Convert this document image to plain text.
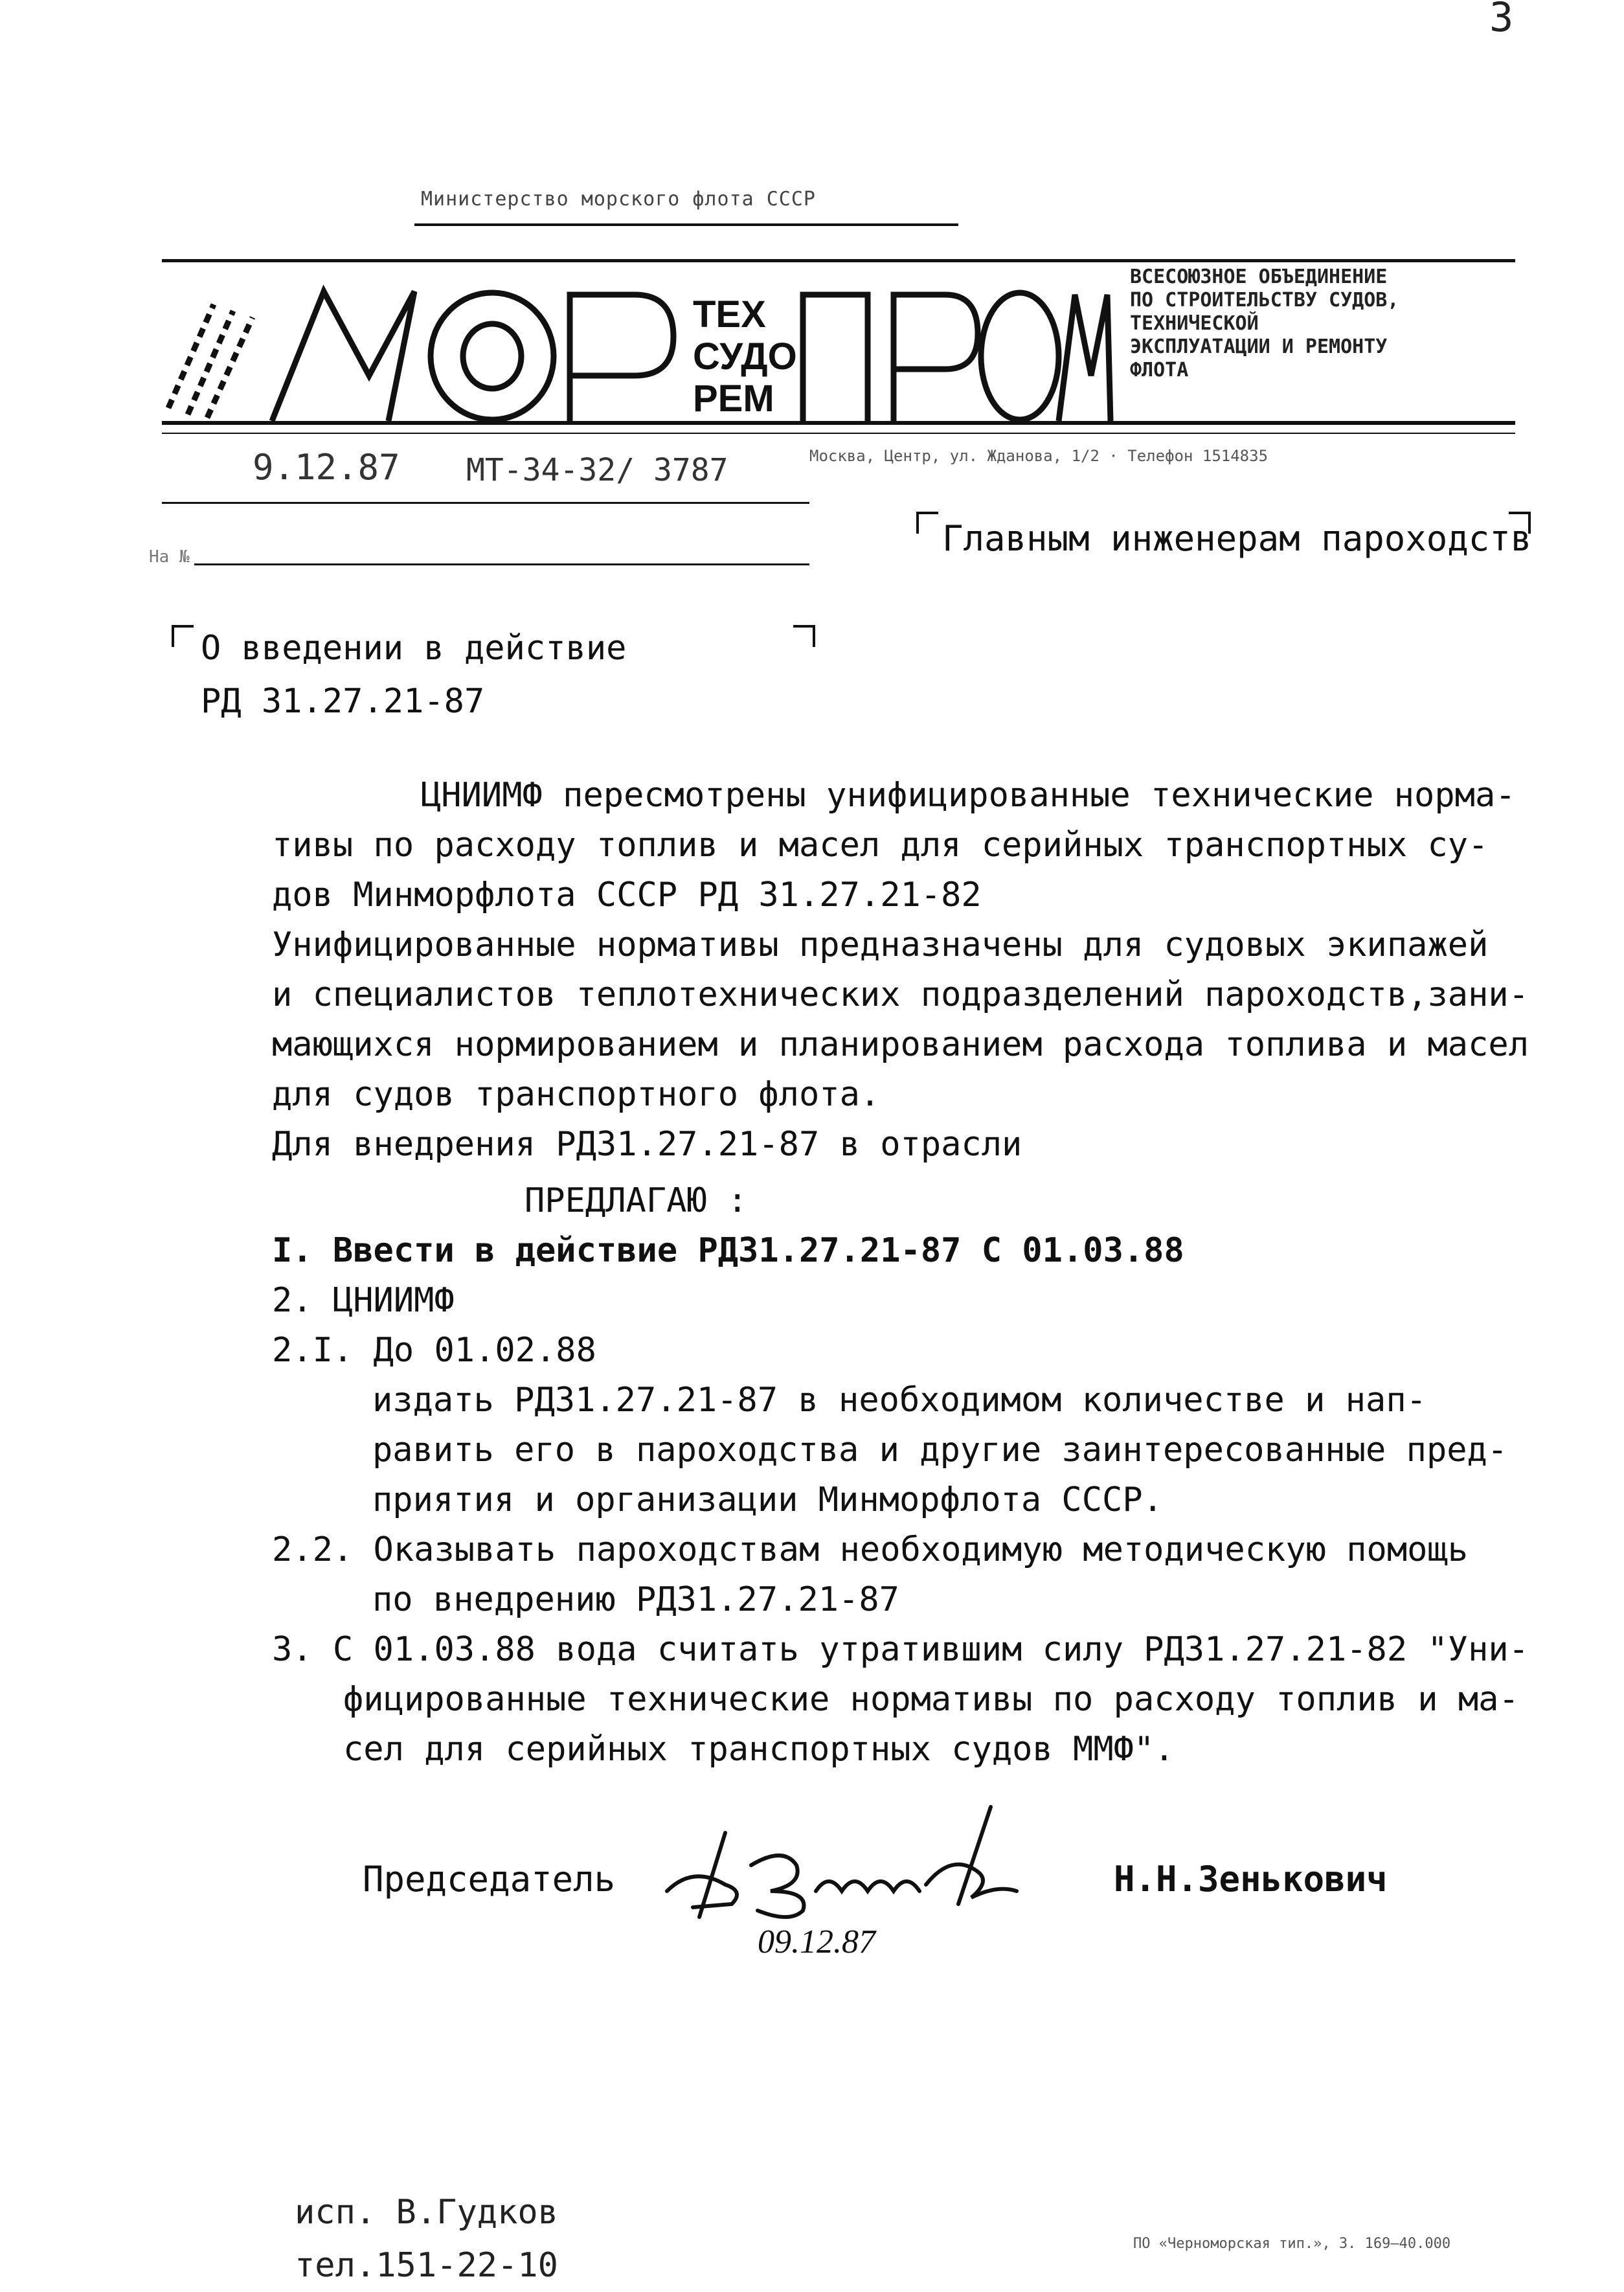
3
Министерство морского флота СССР
ТЕХ
СУДО
РЕМ
ВСЕСОЮЗНОЕ ОБЪЕДИНЕНИЕ
ПО СТРОИТЕЛЬСТВУ СУДОВ,
ТЕХНИЧЕСКОЙ
ЭКСПЛУАТАЦИИ И РЕМОНТУ
ФЛОТА
Москва, Центр, ул. Жданова, 1/2 · Телефон 1514835
9.12.87 МТ-34-32/ 3787
На №	Главным инженерам пароходств
О введении в действие
РД 31.27.21-87
ЦНИИМФ пересмотрены унифицированные технические норма-
тивы по расходу топлив и масел для серийных транспортных су-
дов Минморфлота СССР РД 31.27.21-82
Унифицированные нормативы предназначены для судовых экипажей
и специалистов теплотехнических подразделений пароходств,зани-
мающихся нормированием и планированием расхода топлива и масел
для судов транспортного флота.
Для внедрения РД31.27.21-87 в отрасли
ПРЕДЛАГАЮ :
I. Ввести в действие РД31.27.21-87 С 01.03.88
2. ЦНИИМФ
2.I. До 01.02.88
издать РД31.27.21-87 в необходимом количестве и нап-
равить его в пароходства и другие заинтересованные пред-
приятия и организации Минморфлота СССР.
2.2. Оказывать пароходствам необходимую методическую помощь
по внедрению РД31.27.21-87
3. С 01.03.88 вода считать утратившим силу РД31.27.21-82 "Уни-
фицированные технические нормативы по расходу топлив и ма-
сел для серийных транспортных судов ММФ".
Председатель
09.12.87
Н.Н.Зенькович
исп. В.Гудков
тел.151-22-10
ПО «Черноморская тип.», З. 169—40.000
